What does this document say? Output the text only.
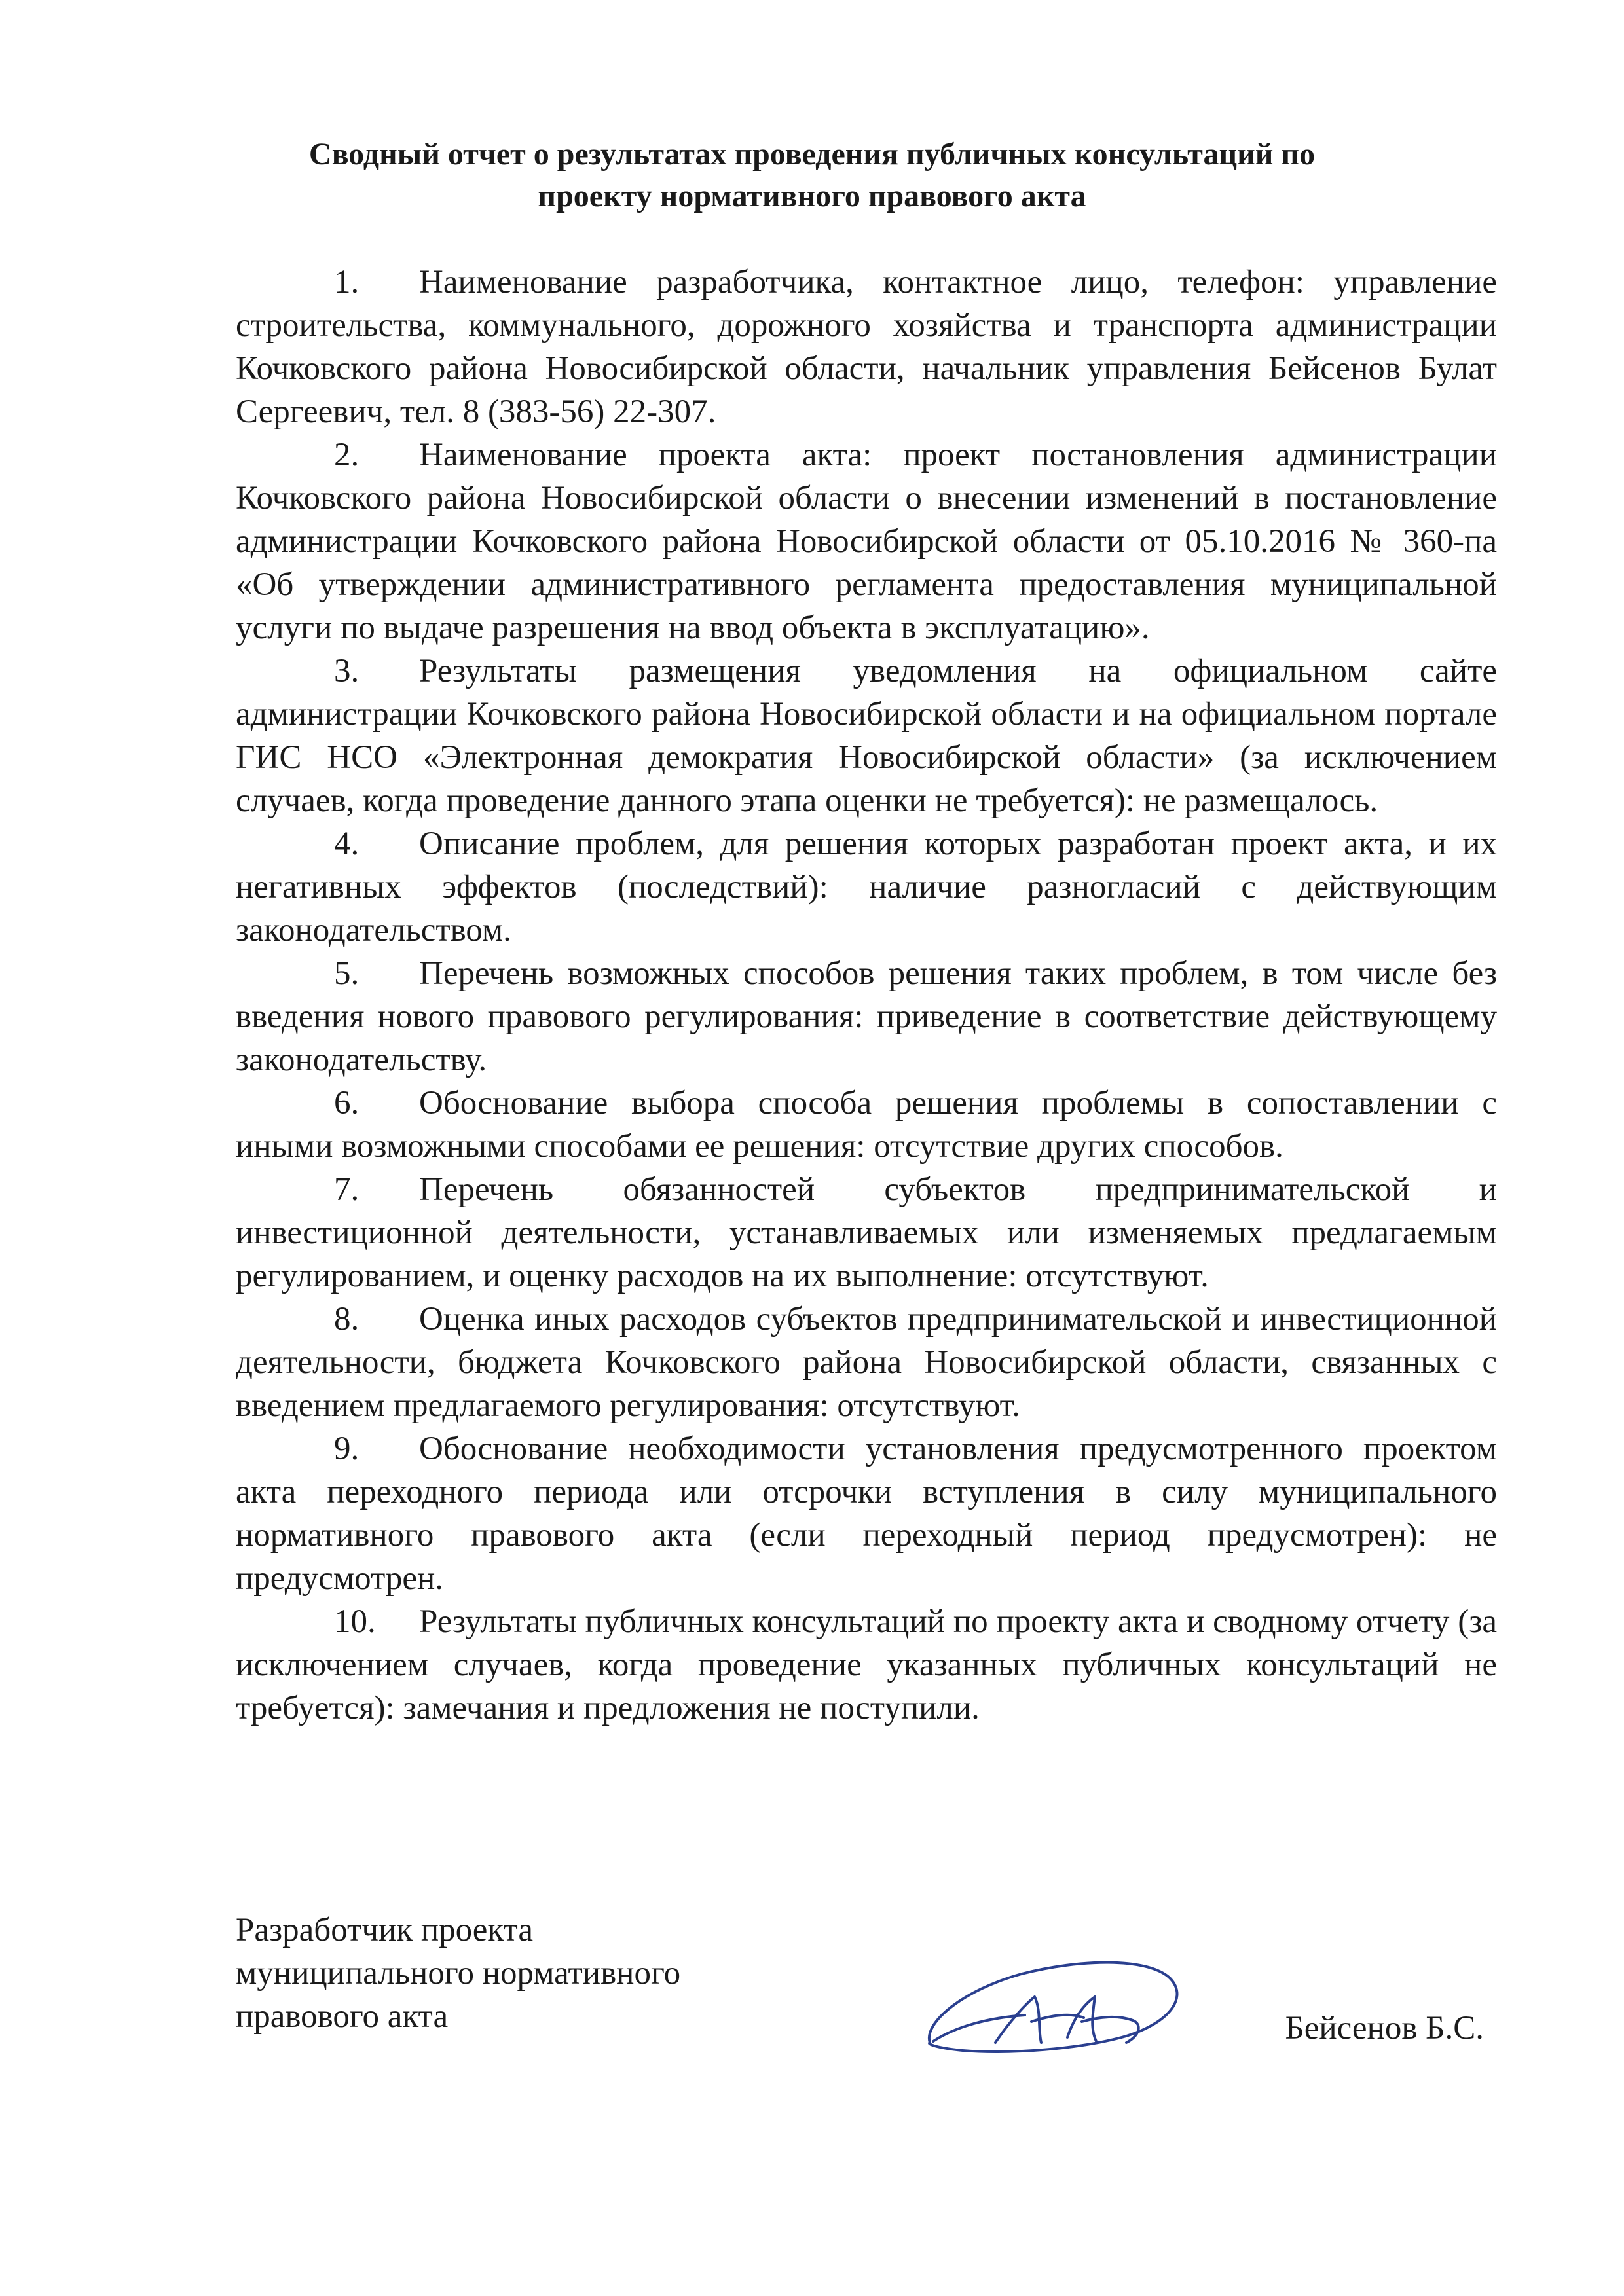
Сводный отчет о результатах проведения публичных консультаций по
проекту нормативного правового акта

1. Наименование разработчика, контактное лицо, телефон: управление строительства, коммунального, дорожного хозяйства и транспорта администрации Кочковского района Новосибирской области, начальник управления Бейсенов Булат Сергеевич, тел. 8 (383-56) 22-307.

2. Наименование проекта акта: проект постановления администрации Кочковского района Новосибирской области о внесении изменений в постановление администрации Кочковского района Новосибирской области от 05.10.2016 № 360-па «Об утверждении административного регламента предоставления муниципальной услуги по выдаче разрешения на ввод объекта в эксплуатацию».

3. Результаты размещения уведомления на официальном сайте администрации Кочковского района Новосибирской области и на официальном портале ГИС НСО «Электронная демократия Новосибирской области» (за исключением случаев, когда проведение данного этапа оценки не требуется): не размещалось.

4. Описание проблем, для решения которых разработан проект акта, и их негативных эффектов (последствий): наличие разногласий с действующим законодательством.

5. Перечень возможных способов решения таких проблем, в том числе без введения нового правового регулирования: приведение в соответствие действующему законодательству.

6. Обоснование выбора способа решения проблемы в сопоставлении с иными возможными способами ее решения: отсутствие других способов.

7. Перечень обязанностей субъектов предпринимательской и инвестиционной деятельности, устанавливаемых или изменяемых предлагаемым регулированием, и оценку расходов на их выполнение: отсутствуют.

8. Оценка иных расходов субъектов предпринимательской и инвестиционной деятельности, бюджета Кочковского района Новосибирской области, связанных с введением предлагаемого регулирования: отсутствуют.

9. Обоснование необходимости установления предусмотренного проектом акта переходного периода или отсрочки вступления в силу муниципального нормативного правового акта (если переходный период предусмотрен): не предусмотрен.

10. Результаты публичных консультаций по проекту акта и сводному отчету (за исключением случаев, когда проведение указанных публичных консультаций не требуется): замечания и предложения не поступили.

Разработчик проекта
муниципального нормативного
правового акта	Бейсенов Б.С.
